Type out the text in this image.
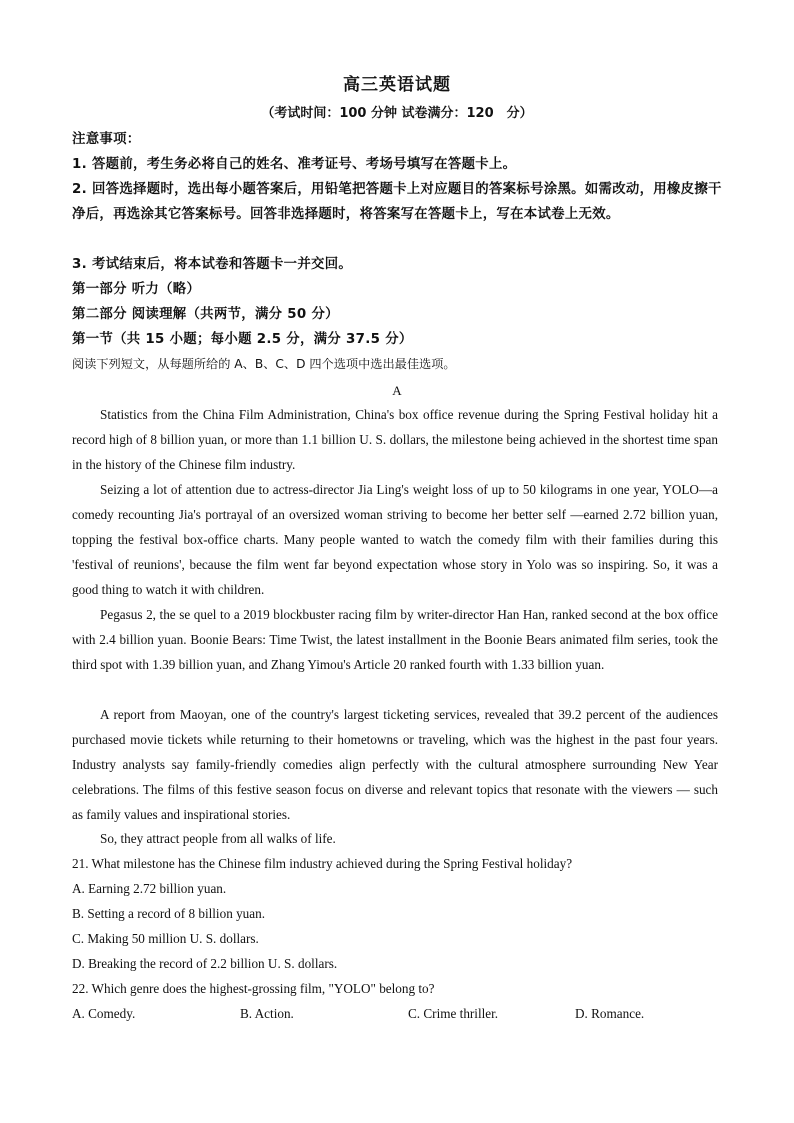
高三英语试题
（考试时间：100 分钟 试卷满分：120　分）
注意事项：
1. 答题前，考生务必将自己的姓名、准考证号、考场号填写在答题卡上。
2. 回答选择题时，选出每小题答案后，用铅笔把答题卡上对应题目的答案标号涂黑。如需改动，用橡皮擦干净后，再选涂其它答案标号。回答非选择题时，将答案写在答题卡上，写在本试卷上无效。
3. 考试结束后，将本试卷和答题卡一并交回。
第一部分 听力（略）
第二部分 阅读理解（共两节，满分 50 分）
第一节（共 15 小题；每小题 2.5 分，满分 37.5 分）
阅读下列短文，从每题所给的 A、B、C、D 四个选项中选出最佳选项。
A

Statistics from the China Film Administration, China's box office revenue during the Spring Festival holiday hit a record high of 8 billion yuan, or more than 1.1 billion U. S. dollars, the milestone being achieved in the shortest time span in the history of the Chinese film industry.

Seizing a lot of attention due to actress-director Jia Ling's weight loss of up to 50 kilograms in one year, YOLO—a comedy recounting Jia's portrayal of an oversized woman striving to become her better self —earned 2.72 billion yuan, topping the festival box-office charts. Many people wanted to watch the comedy film with their families during this 'festival of reunions', because the film went far beyond expectation whose story in Yolo was so inspiring. So, it was a good thing to watch it with children.

Pegasus 2, the se quel to a 2019 blockbuster racing film by writer-director Han Han, ranked second at the box office with 2.4 billion yuan. Boonie Bears: Time Twist, the latest installment in the Boonie Bears animated film series, took the third spot with 1.39 billion yuan, and Zhang Yimou's Article 20 ranked fourth with 1.33 billion yuan.

A report from Maoyan, one of the country's largest ticketing services, revealed that 39.2 percent of the audiences purchased movie tickets while returning to their hometowns or traveling, which was the highest in the past four years. Industry analysts say family-friendly comedies align perfectly with the cultural atmosphere surrounding New Year celebrations. The films of this festive season focus on diverse and relevant topics that resonate with the viewers — such as family values and inspirational stories.

So, they attract people from all walks of life.

21. What milestone has the Chinese film industry achieved during the Spring Festival holiday?
A. Earning 2.72 billion yuan.
B. Setting a record of 8 billion yuan.
C. Making 50 million U. S. dollars.
D. Breaking the record of 2.2 billion U. S. dollars.
22. Which genre does the highest-grossing film, "YOLO" belong to?
A. Comedy.	B. Action.	C. Crime thriller.	D. Romance.
